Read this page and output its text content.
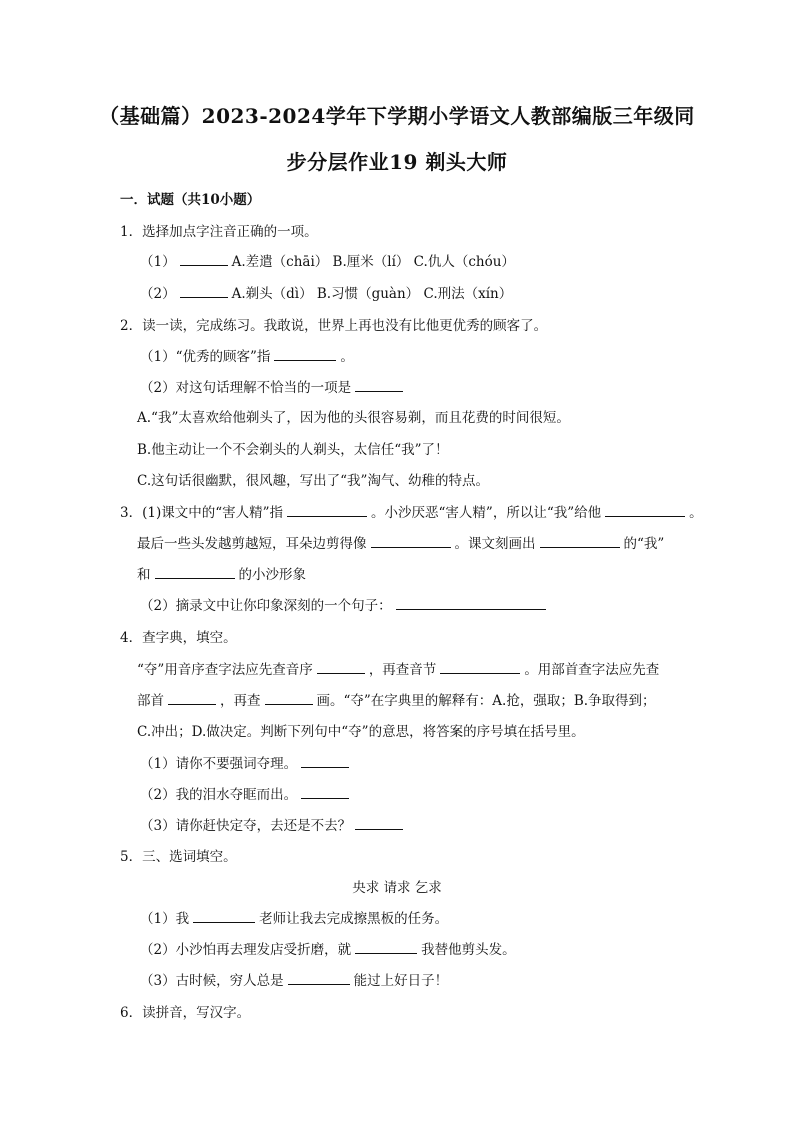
（基础篇）2023-2024学年下学期小学语文人教部编版三年级同
步分层作业19 剃头大师
一．试题（共10小题）
1．选择加点字注音正确的一项。
（1）	A.差遣（chāi） B.厘米（lí） C.仇人（chóu）
（2）	A.剃头（dì） B.习惯（guàn） C.刑法（xín）
2．读一读，完成练习。我敢说，世界上再也没有比他更优秀的顾客了。
（1）“优秀的顾客”指	。
（2）对这句话理解不恰当的一项是
A.“我”太喜欢给他剃头了，因为他的头很容易剃，而且花费的时间很短。
B.他主动让一个不会剃头的人剃头，太信任“我”了！
C.这句话很幽默，很风趣，写出了“我”淘气、幼稚的特点。
3．(1)课文中的“害人精”指	。小沙厌恶“害人精”，所以让“我”给他	。
最后一些头发越剪越短，耳朵边剪得像	。课文刻画出	的“我”
和	的小沙形象
（2）摘录文中让你印象深刻的一个句子：
4．查字典，填空。
“夺”用音序查字法应先查音序	，再查音节	。用部首查字法应先查
部首	，再查	画。“夺”在字典里的解释有：A.抢，强取；B.争取得到；
C.冲出；D.做决定。判断下列句中“夺”的意思，将答案的序号填在括号里。
（1）请你不要强词夺理。
（2）我的泪水夺眶而出。
（3）请你赶快定夺，去还是不去？
5．三、选词填空。
央求 请求 乞求
（1）我	老师让我去完成擦黑板的任务。
（2）小沙怕再去理发店受折磨，就	我替他剪头发。
（3）古时候，穷人总是	能过上好日子！
6．读拼音，写汉字。
